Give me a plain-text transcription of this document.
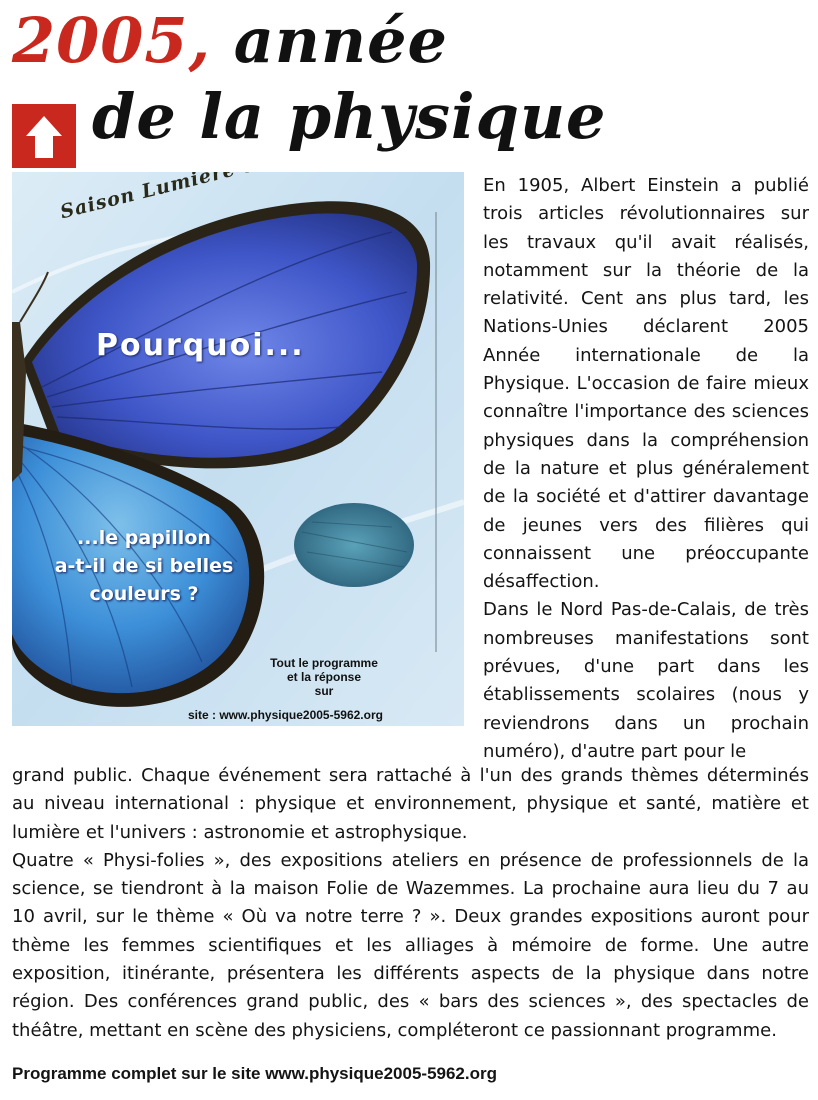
2005, année
de la physique
Pourquoi...
...le papillon
a-t-il de si belles
couleurs ?
Tout le programme
et la réponse
sur
site : www.physique2005-5962.org

En 1905, Albert Einstein a publié trois articles révolutionnaires sur les travaux qu'il avait réalisés, notamment sur la théorie de la relativité. Cent ans plus tard, les Nations-Unies déclarent 2005 Année internationale de la Physique. L'occasion de faire mieux connaître l'importance des sciences physiques dans la compréhension de la nature et plus généralement de la société et d'attirer davantage de jeunes vers des filières qui connaissent une préoccupante désaffection.

Dans le Nord Pas-de-Calais, de très nombreuses manifestations sont prévues, d'une part dans les établissements scolaires (nous y reviendrons dans un prochain numéro), d'autre part pour le

grand public. Chaque événement sera rattaché à l'un des grands thèmes déterminés au niveau international : physique et environnement, physique et santé, matière et lumière et l'univers : astronomie et astrophysique.

Quatre « Physi-folies », des expositions ateliers en présence de professionnels de la science, se tiendront à la maison Folie de Wazemmes. La prochaine aura lieu du 7 au 10 avril, sur le thème « Où va notre terre ? ». Deux grandes expositions auront pour thème les femmes scientifiques et les alliages à mémoire de forme. Une autre exposition, itinérante, présentera les différents aspects de la physique dans notre région. Des conférences grand public, des « bars des sciences », des spectacles de théâtre, mettant en scène des physiciens, compléteront ce passionnant programme.

Programme complet sur le site www.physique2005-5962.org
